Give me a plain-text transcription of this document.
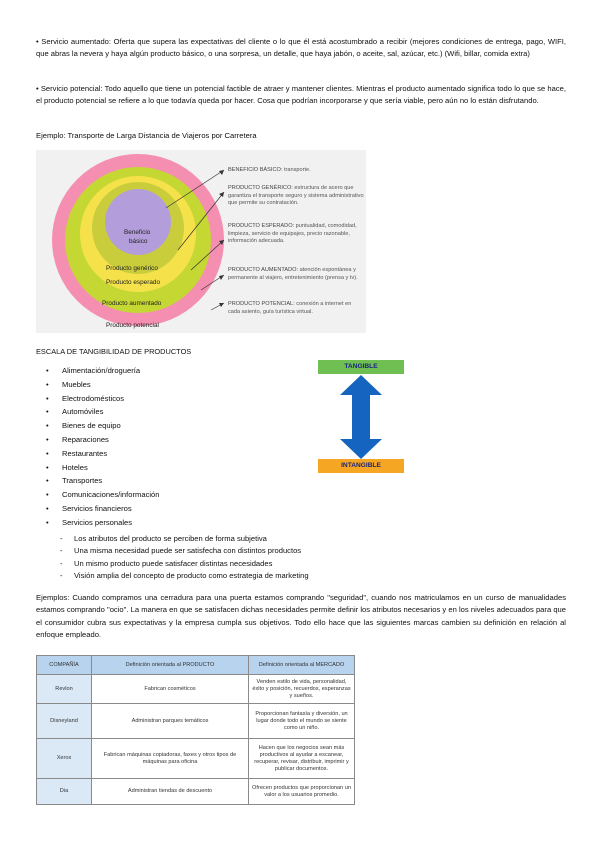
• Servicio aumentado: Oferta que supera las expectativas del cliente o lo que él está acostumbrado a recibir (mejores condiciones de entrega, pago, WIFI, que abras la nevera y haya algún producto básico, o una sorpresa, un detalle, que haya jabón, o aceite, sal, azúcar, etc.) (Wifi, billar, comida extra)
• Servicio potencial: Todo aquello que tiene un potencial factible de atraer y mantener clientes. Mientras el producto aumentado significa todo lo que se hace, el producto potencial se refiere a lo que todavía queda por hacer. Cosa que podrían incorporarse y que sería viable, pero aún no lo están disfrutando.
Ejemplo: Transporte de Larga Distancia de Viajeros por Carretera
Beneficio
básico
Producto genérico
Producto esperado
Producto aumentado
Producto potencial
BENEFICIO BÁSICO: transporte.
PRODUCTO GENÉRICO: estructura de acero que garantiza el transporte seguro y sistema administrativo que permite su contratación.
PRODUCTO ESPERADO: puntualidad, comodidad, limpieza, servicio de equipajes, precio razonable, información adecuada.
PRODUCTO AUMENTADO: atención espontánea y permanente al viajero, entretenimiento (prensa y tv).
PRODUCTO POTENCIAL: conexión a internet en cada asiento, guía turística virtual.
ESCALA DE TANGIBILIDAD DE PRODUCTOS
• Alimentación/droguería
• Muebles
• Electrodomésticos
• Automóviles
• Bienes de equipo
• Reparaciones
• Restaurantes
• Hoteles
• Transportes
• Comunicaciones/información
• Servicios financieros
• Servicios personales
TANGIBLE
INTANGIBLE
- Los atributos del producto se perciben de forma subjetiva
- Una misma necesidad puede ser satisfecha con distintos productos
- Un mismo producto puede satisfacer distintas necesidades
- Visión amplia del concepto de producto como estrategia de marketing
Ejemplos: Cuando compramos una cerradura para una puerta estamos comprando "seguridad", cuando nos matriculamos en un curso de manualidades estamos comprando "ocio". La manera en que se satisfacen dichas necesidades permite definir los atributos necesarios y en los niveles adecuados para que el consumidor cubra sus expectativas y la empresa cumpla sus objetivos. Todo ello hace que las siguientes marcas cambien su definición en relación al enfoque empleado.
COMPAÑÍA	Definición orientada al PRODUCTO	Definición orientada al MERCADO
Revlon	Fabrican cosméticos	Venden estilo de vida, personalidad, éxito y posición, recuerdos, esperanzas y sueños.
Disneyland	Administran parques temáticos	Proporcionan fantasía y diversión, un lugar donde todo el mundo se siente como un niño.
Xerox	Fabrican máquinas copiadoras, faxes y otros tipos de máquinas para oficina	Hacen que los negocios sean más productivos al ayudar a escanear, recuperar, revisar, distribuir, imprimir y publicar documentos.
Dia	Administran tiendas de descuento	Ofrecen productos que proporcionan un valor a los usuarios promedio.
